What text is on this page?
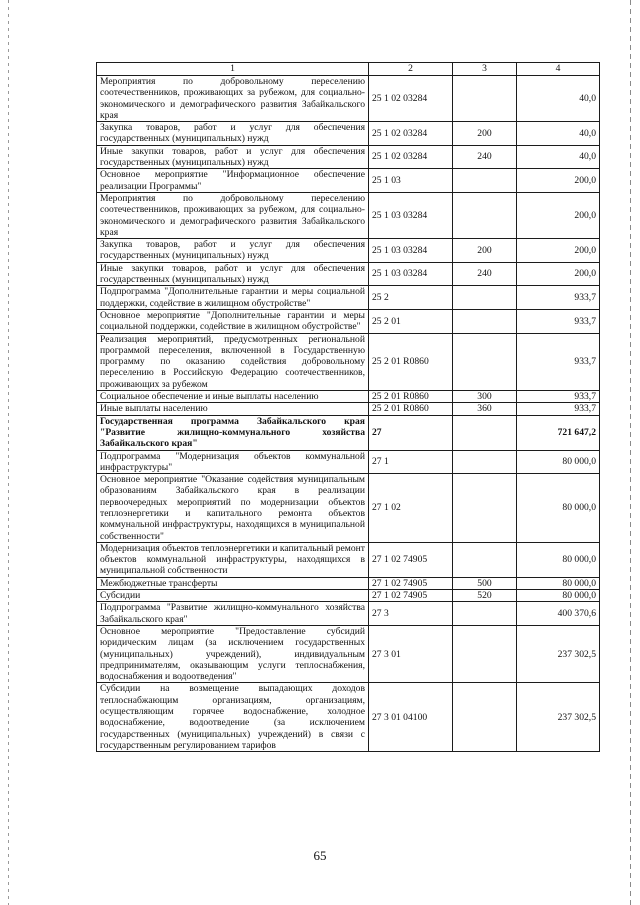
1	2	3	4
Мероприятия по добровольному переселению соотечественников, проживающих за рубежом, для социально-экономического и демографического развития Забайкальского края	25 1 02 03284		40,0
Закупка товаров, работ и услуг для обеспечения государственных (муниципальных) нужд	25 1 02 03284	200	40,0
Иные закупки товаров, работ и услуг для обеспечения государственных (муниципальных) нужд	25 1 02 03284	240	40,0
Основное мероприятие "Информационное обеспечение реализации Программы"	25 1 03		200,0
Мероприятия по добровольному переселению соотечественников, проживающих за рубежом, для социально-экономического и демографического развития Забайкальского края	25 1 03 03284		200,0
Закупка товаров, работ и услуг для обеспечения государственных (муниципальных) нужд	25 1 03 03284	200	200,0
Иные закупки товаров, работ и услуг для обеспечения государственных (муниципальных) нужд	25 1 03 03284	240	200,0
Подпрограмма "Дополнительные гарантии и меры социальной поддержки, содействие в жилищном обустройстве"	25 2		933,7
Основное мероприятие "Дополнительные гарантии и меры социальной поддержки, содействие в жилищном обустройстве"	25 2 01		933,7
Реализация мероприятий, предусмотренных региональной программой переселения, включенной в Государственную программу по оказанию содействия добровольному переселению в Российскую Федерацию соотечественников, проживающих за рубежом	25 2 01 R0860		933,7
Социальное обеспечение и иные выплаты населению	25 2 01 R0860	300	933,7
Иные выплаты населению	25 2 01 R0860	360	933,7
Государственная программа Забайкальского края "Развитие жилищно-коммунального хозяйства Забайкальского края"	27		721 647,2
Подпрограмма "Модернизация объектов коммунальной инфраструктуры"	27 1		80 000,0
Основное мероприятие "Оказание содействия муниципальным образованиям Забайкальского края в реализации первоочередных мероприятий по модернизации объектов теплоэнергетики и капитального ремонта объектов коммунальной инфраструктуры, находящихся в муниципальной собственности"	27 1 02		80 000,0
Модернизация объектов теплоэнергетики и капитальный ремонт объектов коммунальной инфраструктуры, находящихся в муниципальной собственности	27 1 02 74905		80 000,0
Межбюджетные трансферты	27 1 02 74905	500	80 000,0
Субсидии	27 1 02 74905	520	80 000,0
Подпрограмма "Развитие жилищно-коммунального хозяйства Забайкальского края"	27 3		400 370,6
Основное мероприятие "Предоставление субсидий юридическим лицам (за исключением государственных (муниципальных) учреждений), индивидуальным предпринимателям, оказывающим услуги теплоснабжения, водоснабжения и водоотведения"	27 3 01		237 302,5
Субсидии на возмещение выпадающих доходов теплоснабжающим организациям, организациям, осуществляющим горячее водоснабжение, холодное водоснабжение, водоотведение (за исключением государственных (муниципальных) учреждений) в связи с государственным регулированием тарифов	27 3 01 04100		237 302,5
65
